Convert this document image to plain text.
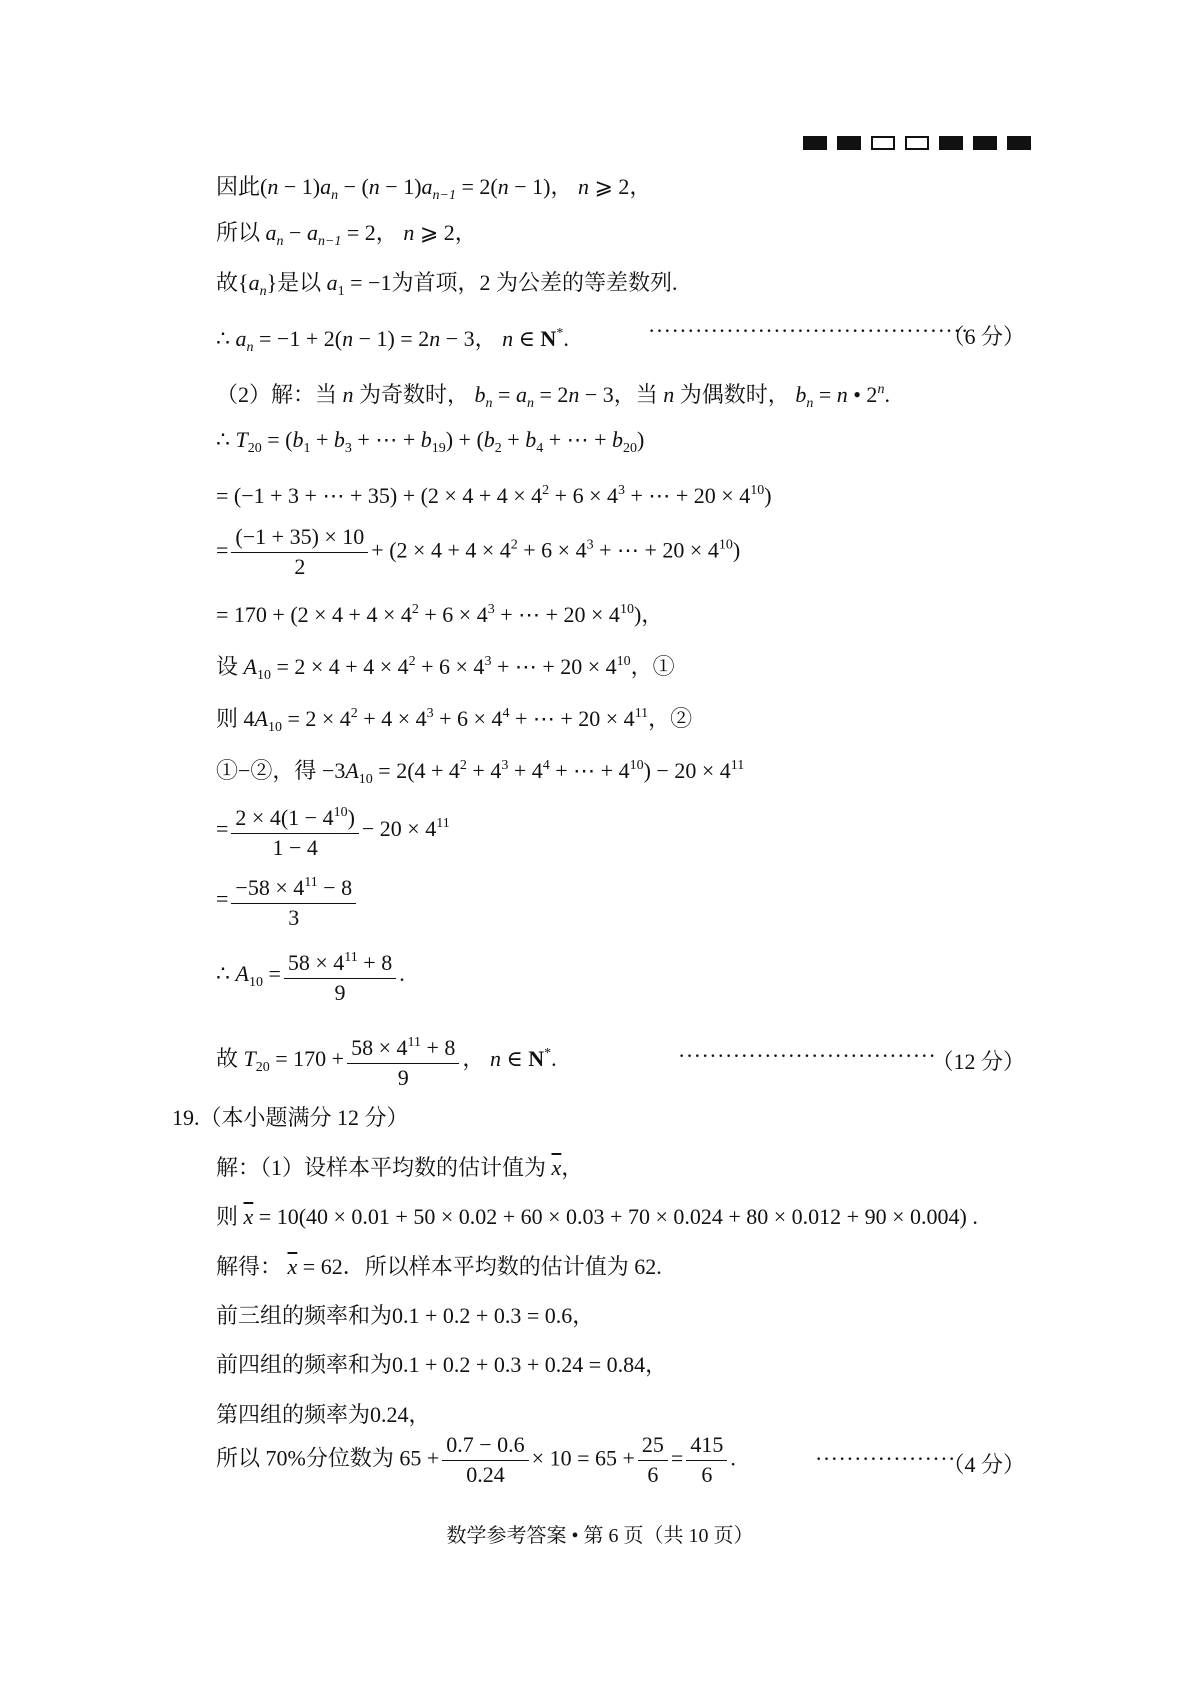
因此$(n - 1)a_n - (n - 1)a_{n-1} = 2(n - 1)$， n ⩾ 2，
所以 $a_n - a_{n-1} = 2$， n ⩾ 2，
故$\{a_n\}$是以 $a_1 = -1$为首项，2 为公差的等差数列.
∴ $a_n = -1 + 2(n - 1) = 2n - 3$， n ∈ N*.	·········································
（6 分）
（2）解：当 n 为奇数时， $b_n = a_n = 2n - 3$，当 n 为偶数时， $b_n = n$ • 2$^n$.
∴ $T_{20} = (b_1 + b_3$ + ⋯ + $b_{19}) + (b_2 + b_4$ + ⋯ + $b_{20}$)
= (−1 + 3 + ⋯ + $35) + (2 \times 4 + 4 \times 4^2 + 6 \times 4^3$ + ⋯ + $20 \times 4^{10}$)
= $\frac{(-1 + 35) \times 10}{2} + (2 \times 4 + 4 \times 4^2 + 6 \times 4^3$ + ⋯ + $20 \times 4^{10}$)
= $170 + (2 \times 4 + 4 \times 4^2 + 6 \times 4^3$ + ⋯ + $20 \times 4^{10}$)，
设 $A_{10} = 2 \times 4 + 4 \times 4^2 + 6 \times 4^3$ + ⋯ + $20 \times 4^{10}$，①
则 $4A_{10} = 2 \times 4^2 + 4 \times 4^3 + 6 \times 4^4$ + ⋯ + $20 \times 4^{11}$，②
①−②，得 $-3A_{10} = 2(4 + 4^2 + 4^3 + 4^4$ + ⋯ + $4^{10}) - 20 \times 4^{11}$
= $\frac{2 \times 4(1 - 4^{10})}{1 - 4} - 20 \times 4^{11}$
= $\frac{-58 \times 4^{11} - 8}{3}$
∴ $A_{10} = \frac{58 \times 4^{11} + 8}{9}$ .
故 $T_{20} = 170 + \frac{58 \times 4^{11} + 8}{9}$ ， n ∈ N*.	·································
（12 分）
19.（本小题满分 12 分）
解：（1）设样本平均数的估计值为 $\overline{x}$，
则 $\overline{x} = 10(40 \times 0.01 + 50 \times 0.02 + 60 \times 0.03 + 70 \times 0.024 + 80 \times 0.012 + 90 \times 0.004)$ .
解得： $\overline{x} = 62$．所以样本平均数的估计值为 62.
前三组的频率和为0.1 + 0.2 + 0.3 = 0.6，
前四组的频率和为0.1 + 0.2 + 0.3 + 0.24 = 0.84，
第四组的频率为0.24，
所以 70%分位数为 $65 + \frac{0.7 - 0.6}{0.24} \times 10 = 65 + \frac{25}{6} = \frac{415}{6}$ .	··················
（4 分）
数学参考答案 • 第 6 页（共 10 页）
